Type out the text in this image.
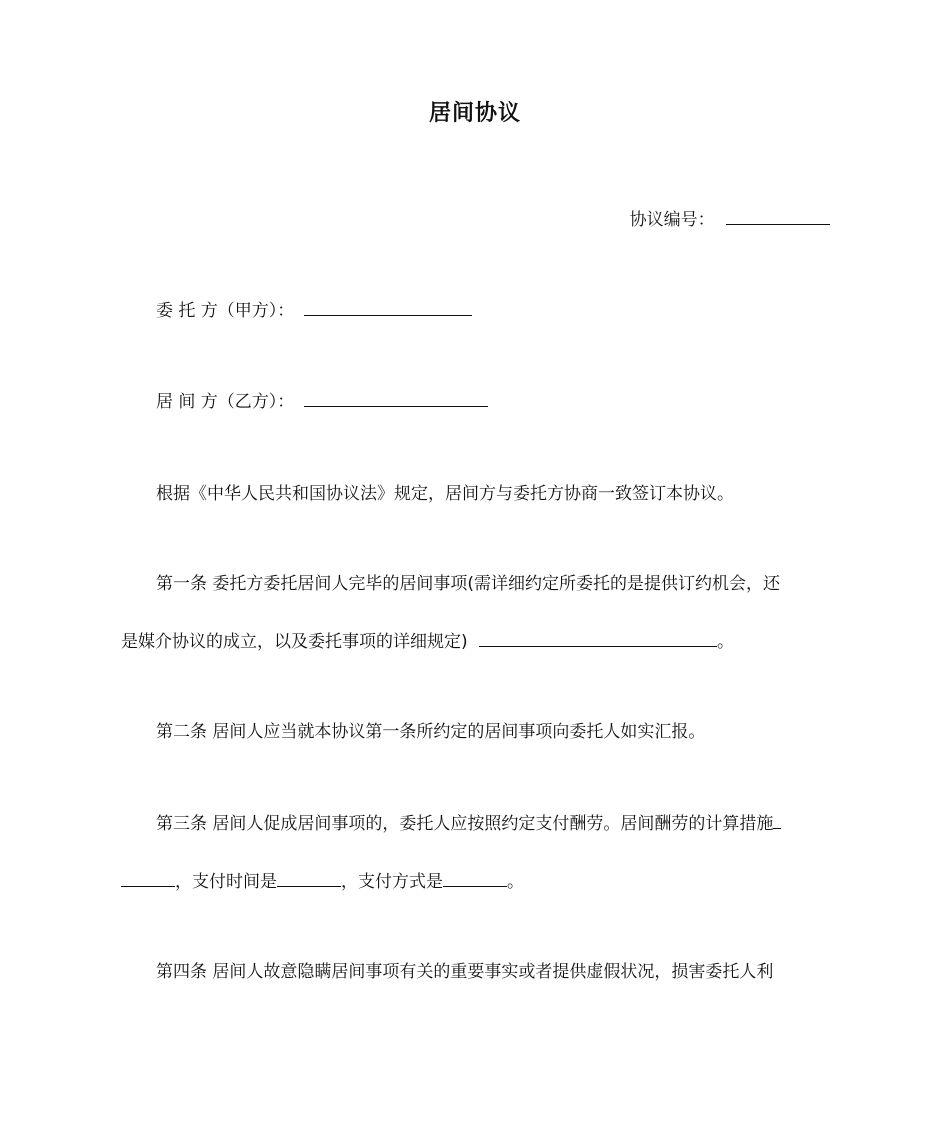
居间协议
协议编号：
委 托 方（甲方）：
居 间 方（乙方）：
根据《中华人民共和国协议法》规定，居间方与委托方协商一致签订本协议。
第一条 委托方委托居间人完毕的居间事项(需详细约定所委托的是提供订约机会，还
是媒介协议的成立，以及委托事项的详细规定)	。
第二条 居间人应当就本协议第一条所约定的居间事项向委托人如实汇报。
第三条 居间人促成居间事项的，委托人应按照约定支付酬劳。居间酬劳的计算措施
，支付时间是	，支付方式是	。
第四条 居间人故意隐瞒居间事项有关的重要事实或者提供虚假状况，损害委托人利
